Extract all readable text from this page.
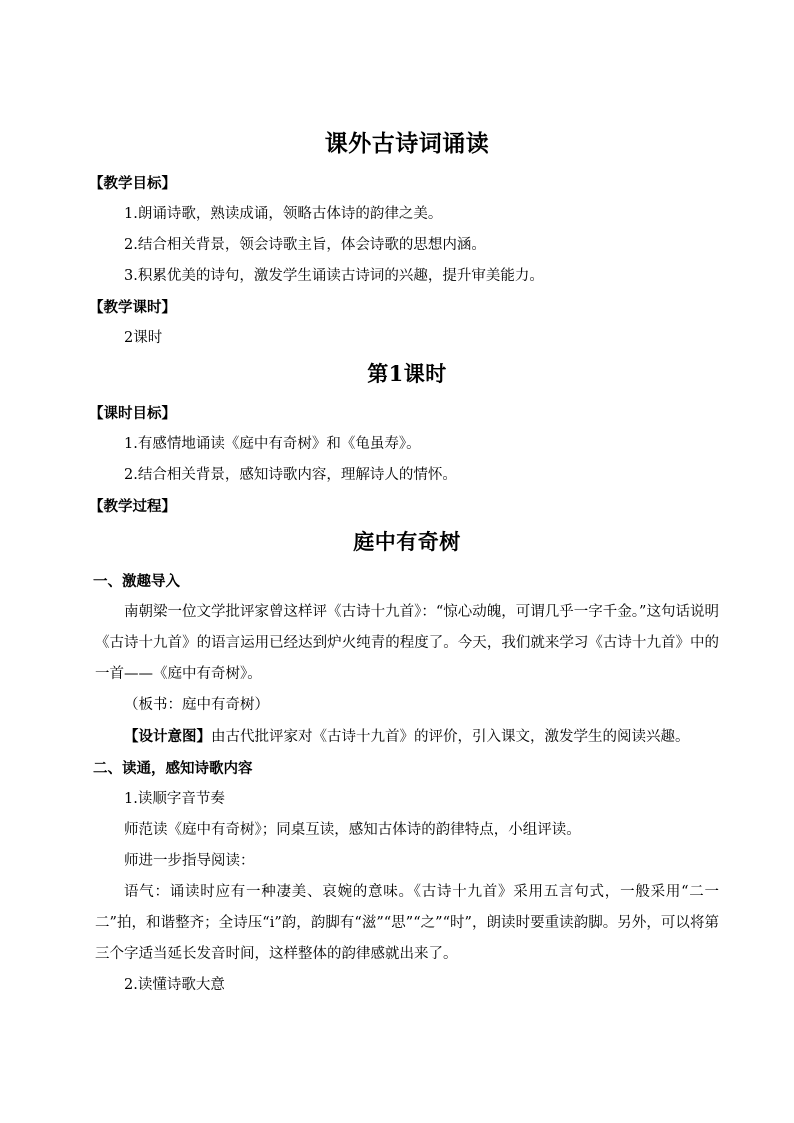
课外古诗词诵读

【教学目标】

1.朗诵诗歌，熟读成诵，领略古体诗的韵律之美。

2.结合相关背景，领会诗歌主旨，体会诗歌的思想内涵。

3.积累优美的诗句，激发学生诵读古诗词的兴趣，提升审美能力。

【教学课时】

2课时

第1课时

【课时目标】

1.有感情地诵读《庭中有奇树》和《龟虽寿》。

2.结合相关背景，感知诗歌内容，理解诗人的情怀。

【教学过程】

庭中有奇树

一、激趣导入

南朝梁一位文学批评家曾这样评《古诗十九首》：“惊心动魄，可谓几乎一字千金。”这句话说明《古诗十九首》的语言运用已经达到炉火纯青的程度了。今天，我们就来学习《古诗十九首》中的一首——《庭中有奇树》。

（板书：庭中有奇树）

【设计意图】由古代批评家对《古诗十九首》的评价，引入课文，激发学生的阅读兴趣。

二、读通，感知诗歌内容

1.读顺字音节奏

师范读《庭中有奇树》；同桌互读，感知古体诗的韵律特点，小组评读。

师进一步指导阅读：

语气：诵读时应有一种凄美、哀婉的意味。《古诗十九首》采用五言句式，一般采用“二一二”拍，和谐整齐；全诗压“i”韵，韵脚有“滋”“思”“之”“时”，朗读时要重读韵脚。另外，可以将第三个字适当延长发音时间，这样整体的韵律感就出来了。

2.读懂诗歌大意
